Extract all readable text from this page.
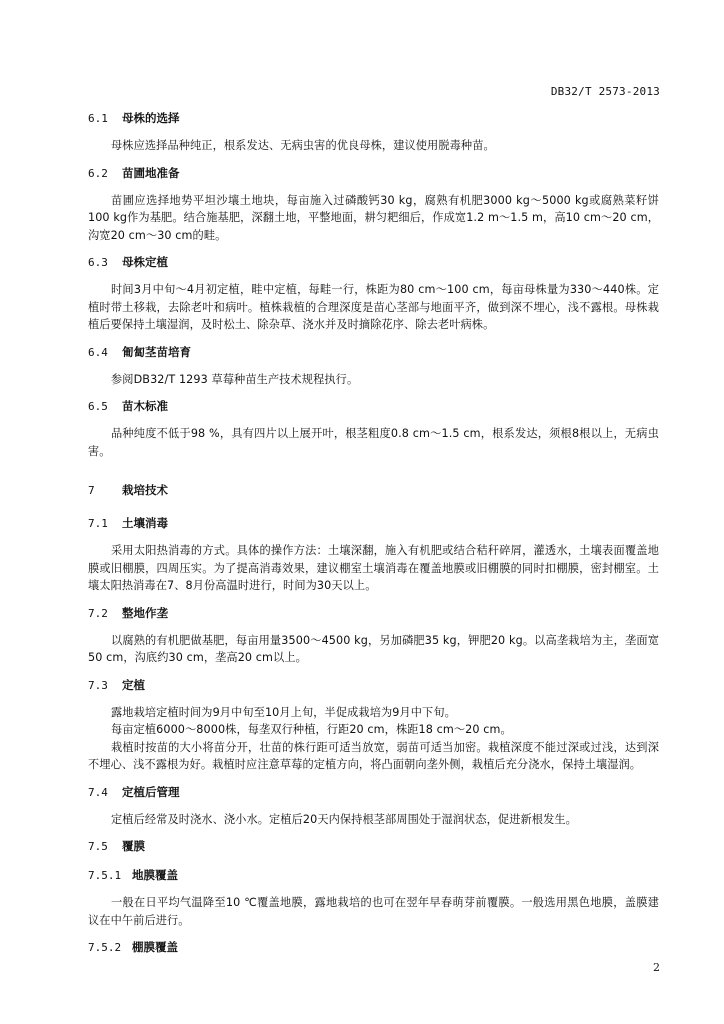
DB32/T 2573-2013
6.1 母株的选择

母株应选择品种纯正，根系发达、无病虫害的优良母株，建议使用脱毒种苗。

6.2 苗圃地准备

苗圃应选择地势平坦沙壤土地块，每亩施入过磷酸钙30 kg，腐熟有机肥3000 kg～5000 kg或腐熟菜籽饼100 kg作为基肥。结合施基肥，深翻土地，平整地面，耕匀耙细后，作成宽1.2 m～1.5 m，高10 cm～20 cm，沟宽20 cm～30 cm的畦。

6.3 母株定植

时间3月中旬～4月初定植，畦中定植，每畦一行，株距为80 cm～100 cm，每亩母株量为330～440株。定植时带土移栽，去除老叶和病叶。植株栽植的合理深度是苗心茎部与地面平齐，做到深不埋心，浅不露根。母株栽植后要保持土壤湿润，及时松土、除杂草、浇水并及时摘除花序、除去老叶病株。

6.4 匍匐茎苗培育

参阅DB32/T 1293 草莓种苗生产技术规程执行。

6.5 苗木标准

品种纯度不低于98 %，具有四片以上展开叶，根茎粗度0.8 cm～1.5 cm，根系发达，须根8根以上，无病虫害。

7 栽培技术
7.1 土壤消毒

采用太阳热消毒的方式。具体的操作方法：土壤深翻，施入有机肥或结合秸秆碎屑，灌透水，土壤表面覆盖地膜或旧棚膜，四周压实。为了提高消毒效果，建议棚室土壤消毒在覆盖地膜或旧棚膜的同时扣棚膜，密封棚室。土壤太阳热消毒在7、8月份高温时进行，时间为30天以上。

7.2 整地作垄

以腐熟的有机肥做基肥，每亩用量3500～4500 kg，另加磷肥35 kg，钾肥20 kg。以高垄栽培为主，垄面宽50 cm，沟底约30 cm，垄高20 cm以上。

7.3 定植

露地栽培定植时间为9月中旬至10月上旬，半促成栽培为9月中下旬。

每亩定植6000～8000株，每垄双行种植，行距20 cm，株距18 cm～20 cm。

栽植时按苗的大小将苗分开，壮苗的株行距可适当放宽，弱苗可适当加密。栽植深度不能过深或过浅，达到深不埋心、浅不露根为好。栽植时应注意草莓的定植方向，将凸面朝向垄外侧，栽植后充分浇水，保持土壤湿润。

7.4 定植后管理

定植后经常及时浇水、浇小水。定植后20天内保持根茎部周围处于湿润状态，促进新根发生。

7.5 覆膜
7.5.1 地膜覆盖

一般在日平均气温降至10 ℃覆盖地膜，露地栽培的也可在翌年早春萌芽前覆膜。一般选用黑色地膜，盖膜建议在中午前后进行。

7.5.2 棚膜覆盖
2
